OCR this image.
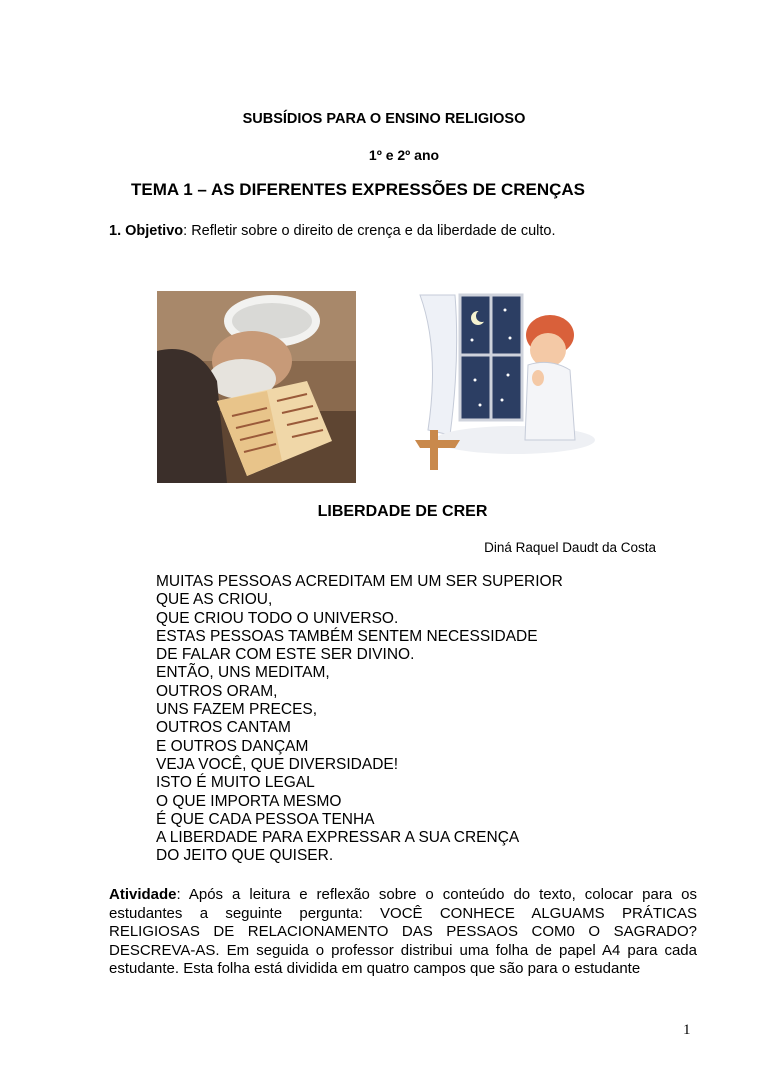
SUBSÍDIOS PARA O ENSINO RELIGIOSO
1º e 2º ano
TEMA 1 – AS DIFERENTES EXPRESSÕES DE CRENÇAS
1. Objetivo: Refletir sobre o direito de crença e da liberdade de culto.
LIBERDADE DE CRER
Diná Raquel Daudt da Costa
MUITAS PESSOAS ACREDITAM EM UM SER SUPERIOR
QUE AS CRIOU,
QUE CRIOU TODO O UNIVERSO.
ESTAS PESSOAS TAMBÉM SENTEM NECESSIDADE
DE FALAR COM ESTE SER DIVINO.
ENTÃO, UNS MEDITAM,
OUTROS ORAM,
UNS FAZEM PRECES,
OUTROS CANTAM
E OUTROS DANÇAM
VEJA VOCÊ, QUE DIVERSIDADE!
ISTO É MUITO LEGAL
O QUE IMPORTA MESMO
É QUE CADA PESSOA TENHA
A LIBERDADE PARA EXPRESSAR A SUA CRENÇA
DO JEITO QUE QUISER.
Atividade: Após a leitura e reflexão sobre o conteúdo do texto, colocar para os estudantes a seguinte pergunta: VOCÊ CONHECE ALGUAMS PRÁTICAS RELIGIOSAS DE RELACIONAMENTO DAS PESSAOS COM0 O SAGRADO? DESCREVA-AS. Em seguida o professor distribui uma folha de papel A4 para cada estudante. Esta folha está dividida em quatro campos que são para o estudante
1
